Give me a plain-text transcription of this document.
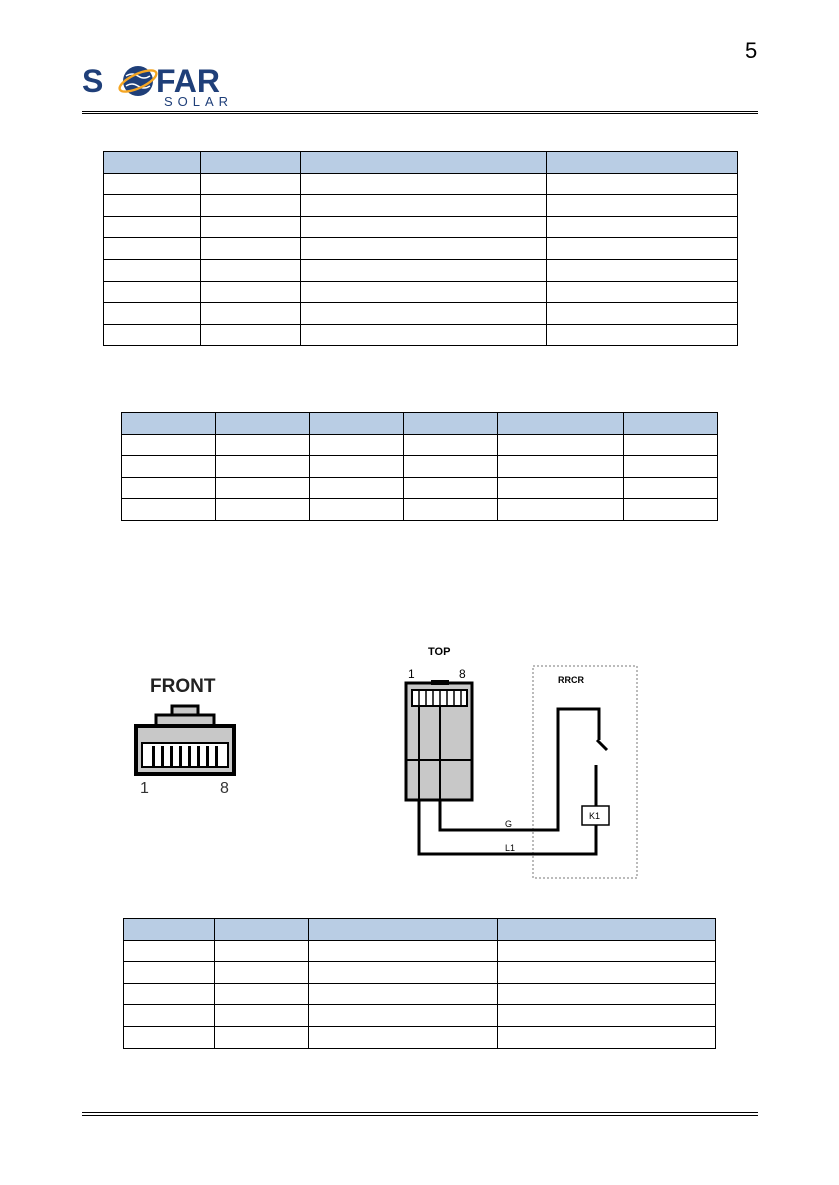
5
S FAR
SOLAR

FRONT
1	8
TOP
1	8	RRCR
K1
G
L1
